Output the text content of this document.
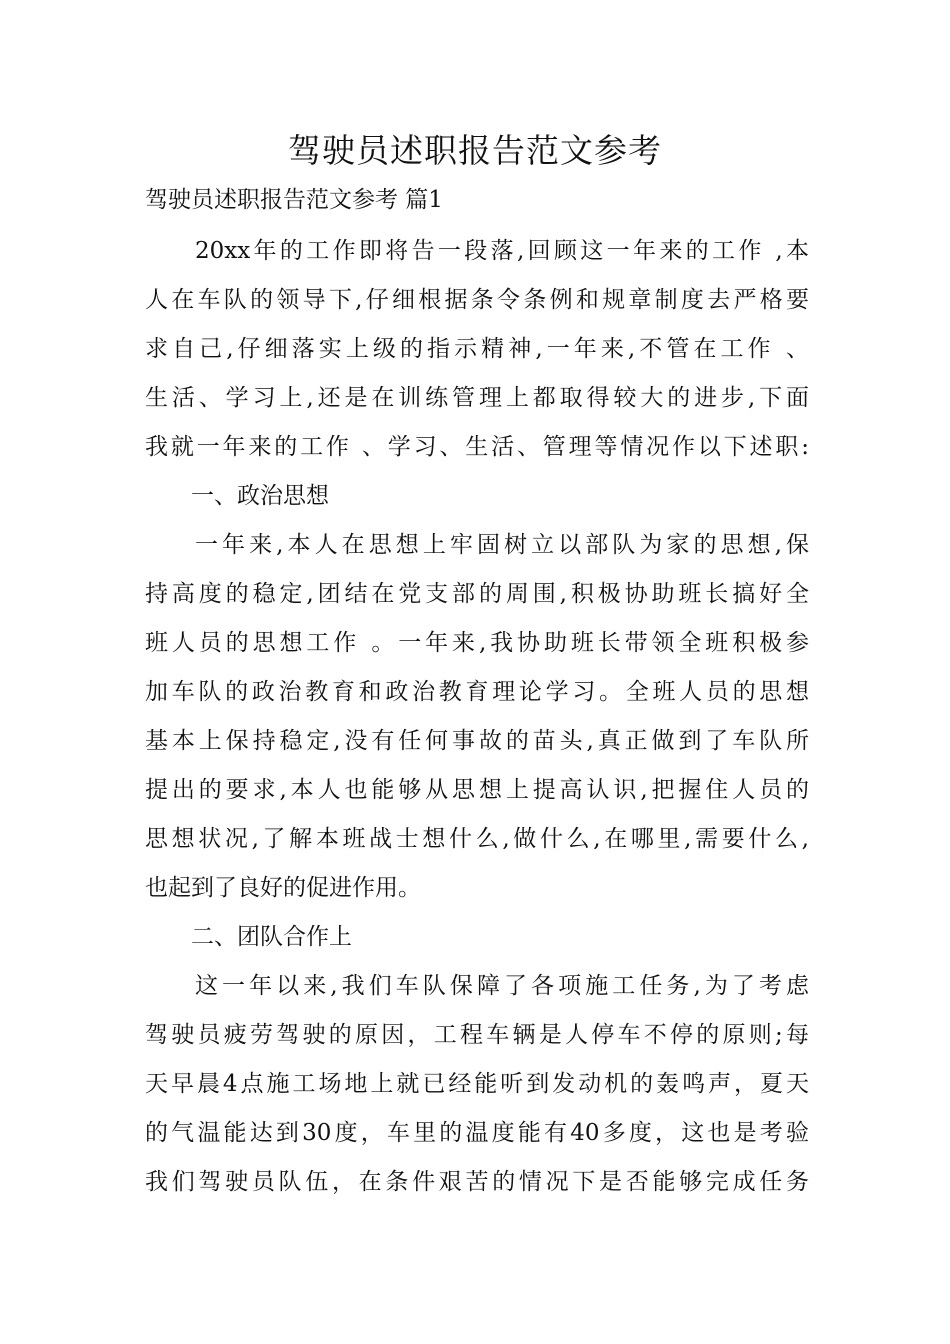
驾驶员述职报告范文参考

驾驶员述职报告范文参考 篇1

20xx年的工作即将告一段落,回顾这一年来的工作 ,本
人在车队的领导下,仔细根据条令条例和规章制度去严格要
求自己,仔细落实上级的指示精神,一年来,不管在工作 、
生活、学习上,还是在训练管理上都取得较大的进步,下面
我就一年来的工作 、学习、生活、管理等情况作以下述职:
一、政治思想
一年来,本人在思想上牢固树立以部队为家的思想,保
持高度的稳定,团结在党支部的周围,积极协助班长搞好全
班人员的思想工作 。一年来,我协助班长带领全班积极参
加车队的政治教育和政治教育理论学习。全班人员的思想
基本上保持稳定,没有任何事故的苗头,真正做到了车队所
提出的要求,本人也能够从思想上提高认识,把握住人员的
思想状况,了解本班战士想什么,做什么,在哪里,需要什么,
也起到了良好的促进作用。
二、团队合作上
这一年以来,我们车队保障了各项施工任务,为了考虑
驾驶员疲劳驾驶的原因，工程车辆是人停车不停的原则;每
天早晨4点施工场地上就已经能听到发动机的轰鸣声，夏天
的气温能达到30度，车里的温度能有40多度，这也是考验
我们驾驶员队伍，在条件艰苦的情况下是否能够完成任务
